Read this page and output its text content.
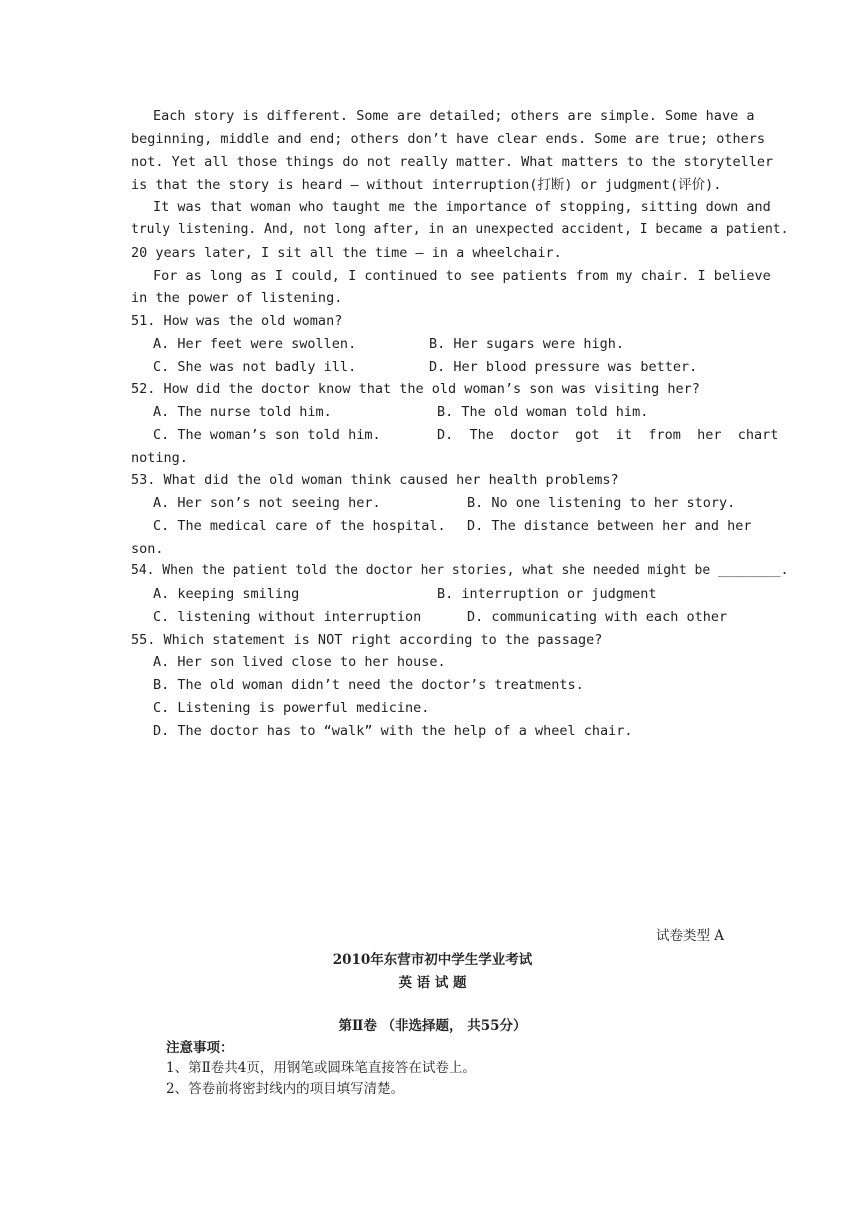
Each story is different. Some are detailed; others are simple. Some have a
beginning, middle and end; others don’t have clear ends. Some are true; others
not. Yet all those things do not really matter. What matters to the storyteller
is that the story is heard — without interruption(打断) or judgment(评价).
It was that woman who taught me the importance of stopping, sitting down and
truly listening. And, not long after, in an unexpected accident, I became a patient.
20 years later, I sit all the time — in a wheelchair.
For as long as I could, I continued to see patients from my chair. I believe
in the power of listening.
51. How was the old woman?
A. Her feet were swollen.	B. Her sugars were high.
C. She was not badly ill.	D. Her blood pressure was better.
52. How did the doctor know that the old woman’s son was visiting her?
A. The nurse told him.	B. The old woman told him.
C. The woman’s son told him.	D.  The  doctor  got  it  from  her  chart
noting.
53. What did the old woman think caused her health problems?
A. Her son’s not seeing her.	B. No one listening to her story.
C. The medical care of the hospital. D. The distance between her and her
son.
54. When the patient told the doctor her stories, what she needed might be ________.
A. keeping smiling	B. interruption or judgment
C. listening without interruption	D. communicating with each other
55. Which statement is NOT right according to the passage?
A. Her son lived close to her house.
B. The old woman didn’t need the doctor’s treatments.
C. Listening is powerful medicine.
D. The doctor has to “walk” with the help of a wheel chair.
试卷类型 A
2010年东营市初中学生学业考试
英 语 试 题
第Ⅱ卷 （非选择题， 共55分）
注意事项：
1、第Ⅱ卷共4页，用钢笔或圆珠笔直接答在试卷上。
2、答卷前将密封线内的项目填写清楚。
